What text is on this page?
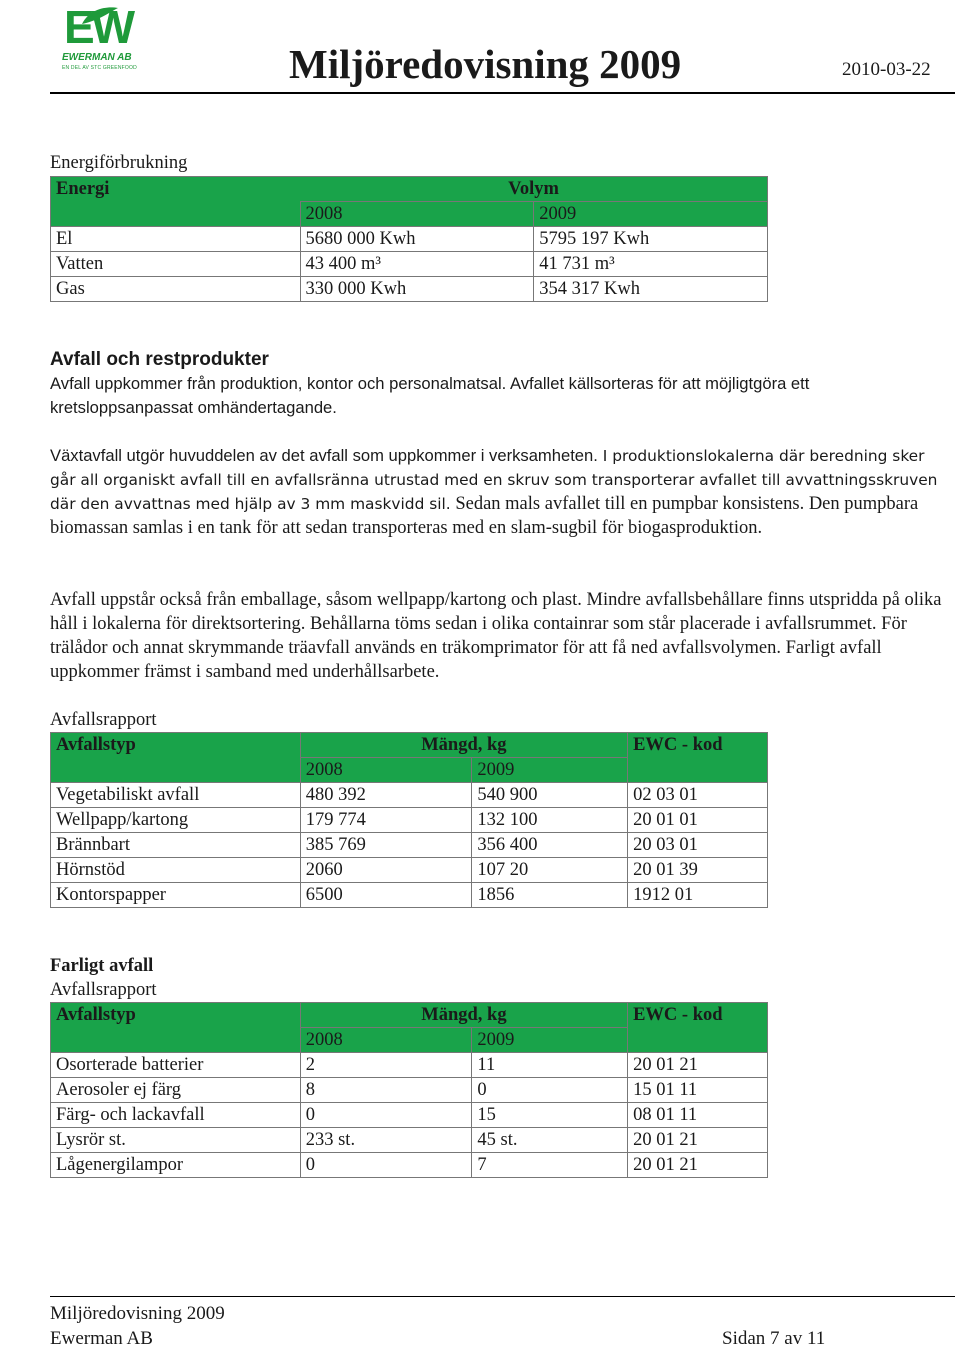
EW
EWERMAN AB
EN DEL AV STC GREENFOOD	Miljöredovisning 2009	2010-03-22
Energiförbrukning
Energi	Volym	
	2008	2009
El	5680 000 Kwh	5795 197 Kwh
Vatten	43 400 m³	41 731 m³
Gas	330 000 Kwh	354 317 Kwh
Avfall och restprodukter
Avfall uppkommer från produktion, kontor och personalmatsal. Avfallet källsorteras för att möjligtgöra ett kretsloppsanpassat omhändertagande.
Växtavfall utgör huvuddelen av det avfall som uppkommer i verksamheten. I produktionslokalerna där beredning sker går all organiskt avfall till en avfallsränna utrustad med en skruv som transporterar avfallet till avvattningsskruven där den avvattnas med hjälp av 3 mm maskvidd sil. Sedan mals avfallet till en pumpbar konsistens. Den pumpbara biomassan samlas i en tank för att sedan transporteras med en slam-sugbil för biogasproduktion.
Avfall uppstår också från emballage, såsom wellpapp/kartong och plast. Mindre avfallsbehållare finns utspridda på olika håll i lokalerna för direktsortering. Behållarna töms sedan i olika containrar som står placerade i avfallsrummet. För trälådor och annat skrymmande träavfall används en träkomprimator för att få ned avfallsvolymen. Farligt avfall uppkommer främst i samband med underhållsarbete.
Avfallsrapport
Avfallstyp	Mängd, kg		EWC - kod
	2008	2009	
Vegetabiliskt avfall	480 392	540 900	02 03 01
Wellpapp/kartong	179 774	132 100	20 01 01
Brännbart	385 769	356 400	20 03 01
Hörnstöd	2060	107 20	20 01 39
Kontorspapper	6500	1856	1912 01
Farligt avfall
Avfallsrapport
Avfallstyp	Mängd, kg		EWC - kod
	2008	2009	
Osorterade batterier	2	11	20 01 21
Aerosoler ej färg	8	0	15 01 11
Färg- och lackavfall	0	15	08 01 11
Lysrör st.	233 st.	45 st.	20 01 21
Lågenergilampor	0	7	20 01 21
Miljöredovisning 2009
Ewerman AB	Sidan 7 av 11
